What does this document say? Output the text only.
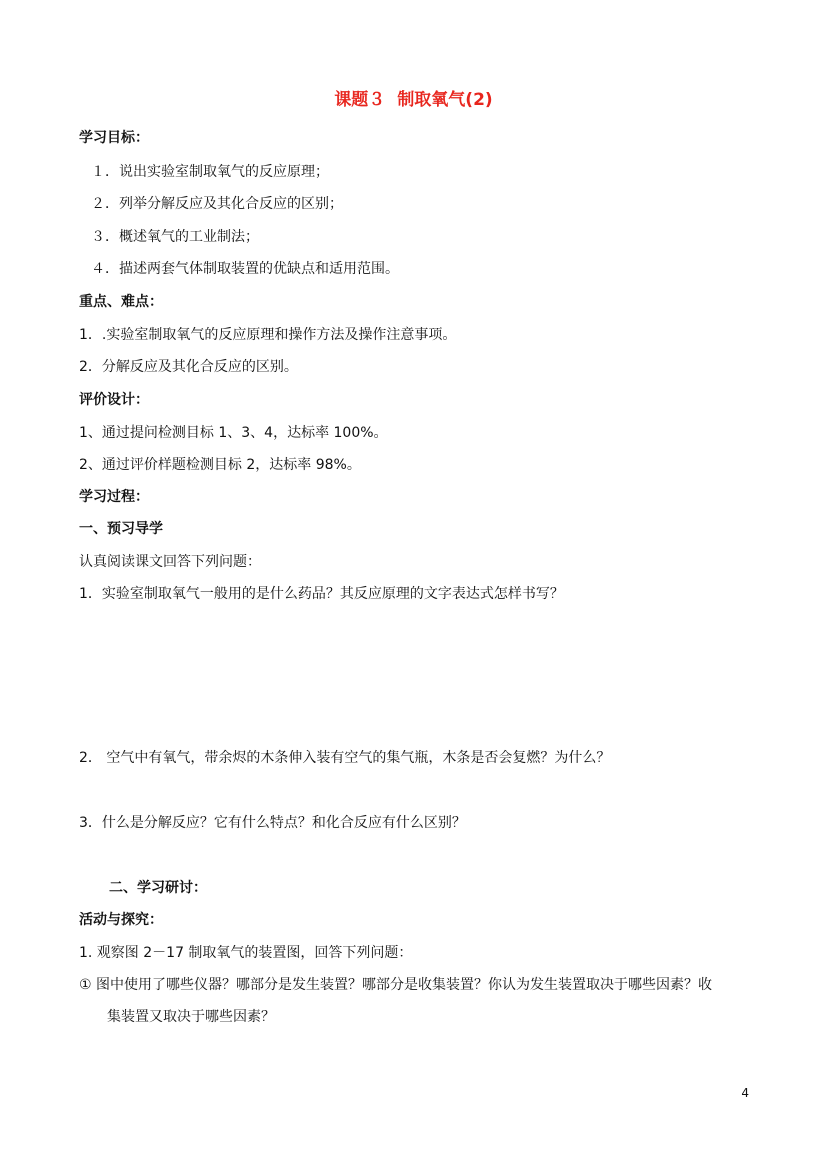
课题３ 制取氧气(2)
学习目标：
１．说出实验室制取氧气的反应原理；
２．列举分解反应及其化合反应的区别；
３．概述氧气的工业制法；
４．描述两套气体制取装置的优缺点和适用范围。
重点、难点：
1．.实验室制取氧气的反应原理和操作方法及操作注意事项。
2．分解反应及其化合反应的区别。
评价设计：
1、通过提问检测目标 1、3、4，达标率 100%。
2、通过评价样题检测目标 2，达标率 98%。
学习过程：
一、预习导学
认真阅读课文回答下列问题：
1．实验室制取氧气一般用的是什么药品？其反应原理的文字表达式怎样书写？
2． 空气中有氧气，带余烬的木条伸入装有空气的集气瓶，木条是否会复燃？为什么？
3．什么是分解反应？它有什么特点？和化合反应有什么区别？
二、学习研讨：
活动与探究：
1. 观察图 2－17 制取氧气的装置图，回答下列问题：
① 图中使用了哪些仪器？哪部分是发生装置？哪部分是收集装置？你认为发生装置取决于哪些因素？收
集装置又取决于哪些因素？
4
